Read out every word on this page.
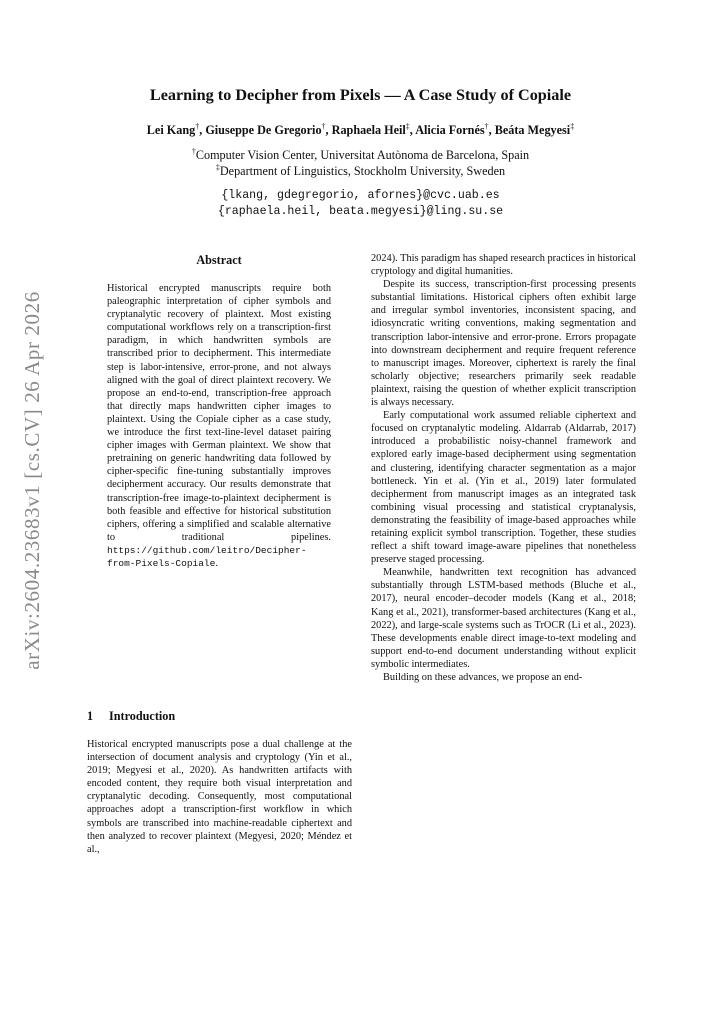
arXiv:2604.23683v1 [cs.CV] 26 Apr 2026
Learning to Decipher from Pixels — A Case Study of Copiale
Lei Kang†, Giuseppe De Gregorio†, Raphaela Heil‡, Alicia Fornés†, Beáta Megyesi‡
†Computer Vision Center, Universitat Autònoma de Barcelona, Spain
‡Department of Linguistics, Stockholm University, Sweden
{lkang, gdegregorio, afornes}@cvc.uab.es
{raphaela.heil, beata.megyesi}@ling.su.se
Abstract
Historical encrypted manuscripts require both paleographic interpretation of cipher symbols and cryptanalytic recovery of plaintext. Most existing computational workflows rely on a transcription-first paradigm, in which handwritten symbols are transcribed prior to decipherment. This intermediate step is labor-intensive, error-prone, and not always aligned with the goal of direct plaintext recovery. We propose an end-to-end, transcription-free approach that directly maps handwritten cipher images to plaintext. Using the Copiale cipher as a case study, we introduce the first text-line-level dataset pairing cipher images with German plaintext. We show that pretraining on generic handwriting data followed by cipher-specific fine-tuning substantially improves decipherment accuracy. Our results demonstrate that transcription-free image-to-plaintext decipherment is both feasible and effective for historical substitution ciphers, offering a simplified and scalable alternative to traditional pipelines. https://github.com/leitro/Decipher-from-Pixels-Copiale.
1 Introduction

Historical encrypted manuscripts pose a dual challenge at the intersection of document analysis and cryptology (Yin et al., 2019; Megyesi et al., 2020). As handwritten artifacts with encoded content, they require both visual interpretation and cryptanalytic decoding. Consequently, most computational approaches adopt a transcription-first workflow in which symbols are transcribed into machine-readable ciphertext and then analyzed to recover plaintext (Megyesi, 2020; Méndez et al.,

2024). This paradigm has shaped research practices in historical cryptology and digital humanities.

Despite its success, transcription-first processing presents substantial limitations. Historical ciphers often exhibit large and irregular symbol inventories, inconsistent spacing, and idiosyncratic writing conventions, making segmentation and transcription labor-intensive and error-prone. Errors propagate into downstream decipherment and require frequent reference to manuscript images. Moreover, ciphertext is rarely the final scholarly objective; researchers primarily seek readable plaintext, raising the question of whether explicit transcription is always necessary.

Early computational work assumed reliable ciphertext and focused on cryptanalytic modeling. Aldarrab (Aldarrab, 2017) introduced a probabilistic noisy-channel framework and explored early image-based decipherment using segmentation and clustering, identifying character segmentation as a major bottleneck. Yin et al. (Yin et al., 2019) later formulated decipherment from manuscript images as an integrated task combining visual processing and statistical cryptanalysis, demonstrating the feasibility of image-based approaches while retaining explicit symbol transcription. Together, these studies reflect a shift toward image-aware pipelines that nonetheless preserve staged processing.

Meanwhile, handwritten text recognition has advanced substantially through LSTM-based methods (Bluche et al., 2017), neural encoder–decoder models (Kang et al., 2018; Kang et al., 2021), transformer-based architectures (Kang et al., 2022), and large-scale systems such as TrOCR (Li et al., 2023). These developments enable direct image-to-text modeling and support end-to-end document understanding without explicit symbolic intermediates.

Building on these advances, we propose an end-
